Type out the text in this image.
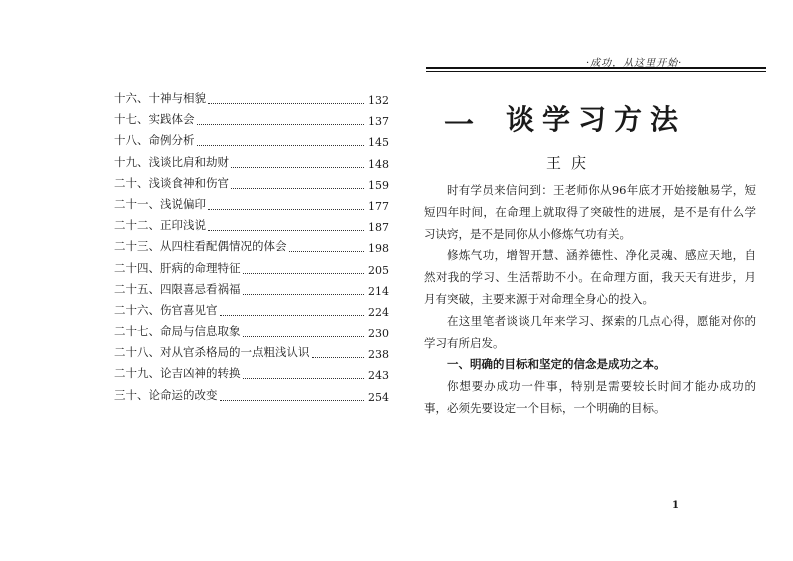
十六、十神与相貌	132
十七、实践体会	137
十八、命例分析	145
十九、浅谈比肩和劫财	148
二十、浅谈食神和伤官	159
二十一、浅说偏印	177
二十二、正印浅说	187
二十三、从四柱看配偶情况的体会	198
二十四、肝病的命理特征	205
二十五、四限喜忌看祸福	214
二十六、伤官喜见官	224
二十七、命局与信息取象	230
二十八、对从官杀格局的一点粗浅认识	238
二十九、论吉凶神的转换	243
三十、论命运的改变	254
·成功，从这里开始·
一 谈学习方法
王庆

时有学员来信问到：王老师你从96年底才开始接触易学，短短四年时间，在命理上就取得了突破性的进展，是不是有什么学习诀窍，是不是同你从小修炼气功有关。

修炼气功，增智开慧、涵养德性、净化灵魂、感应天地，自然对我的学习、生活帮助不小。在命理方面，我天天有进步，月月有突破，主要来源于对命理全身心的投入。

在这里笔者谈谈几年来学习、探索的几点心得，愿能对你的学习有所启发。

一、明确的目标和坚定的信念是成功之本。

你想要办成功一件事，特别是需要较长时间才能办成功的事，必须先要设定一个目标，一个明确的目标。

1
